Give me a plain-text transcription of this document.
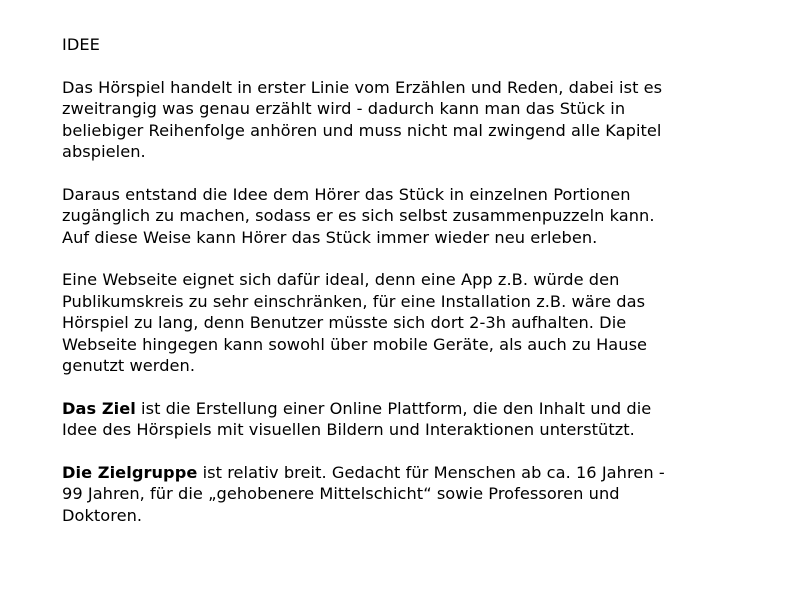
IDEE

Das Hörspiel handelt in erster Linie vom Erzählen und Reden, dabei ist es
zweitrangig was genau erzählt wird - dadurch kann man das Stück in
beliebiger Reihenfolge anhören und muss nicht mal zwingend alle Kapitel
abspielen.

Daraus entstand die Idee dem Hörer das Stück in einzelnen Portionen
zugänglich zu machen, sodass er es sich selbst zusammenpuzzeln kann.
Auf diese Weise kann Hörer das Stück immer wieder neu erleben.

Eine Webseite eignet sich dafür ideal, denn eine App z.B. würde den
Publikumskreis zu sehr einschränken, für eine Installation z.B. wäre das
Hörspiel zu lang, denn Benutzer müsste sich dort 2-3h aufhalten. Die
Webseite hingegen kann sowohl über mobile Geräte, als auch zu Hause
genutzt werden.

Das Ziel ist die Erstellung einer Online Plattform, die den Inhalt und die
Idee des Hörspiels mit visuellen Bildern und Interaktionen unterstützt.

Die Zielgruppe ist relativ breit. Gedacht für Menschen ab ca. 16 Jahren -
99 Jahren, für die „gehobenere Mittelschicht“ sowie Professoren und
Doktoren.
